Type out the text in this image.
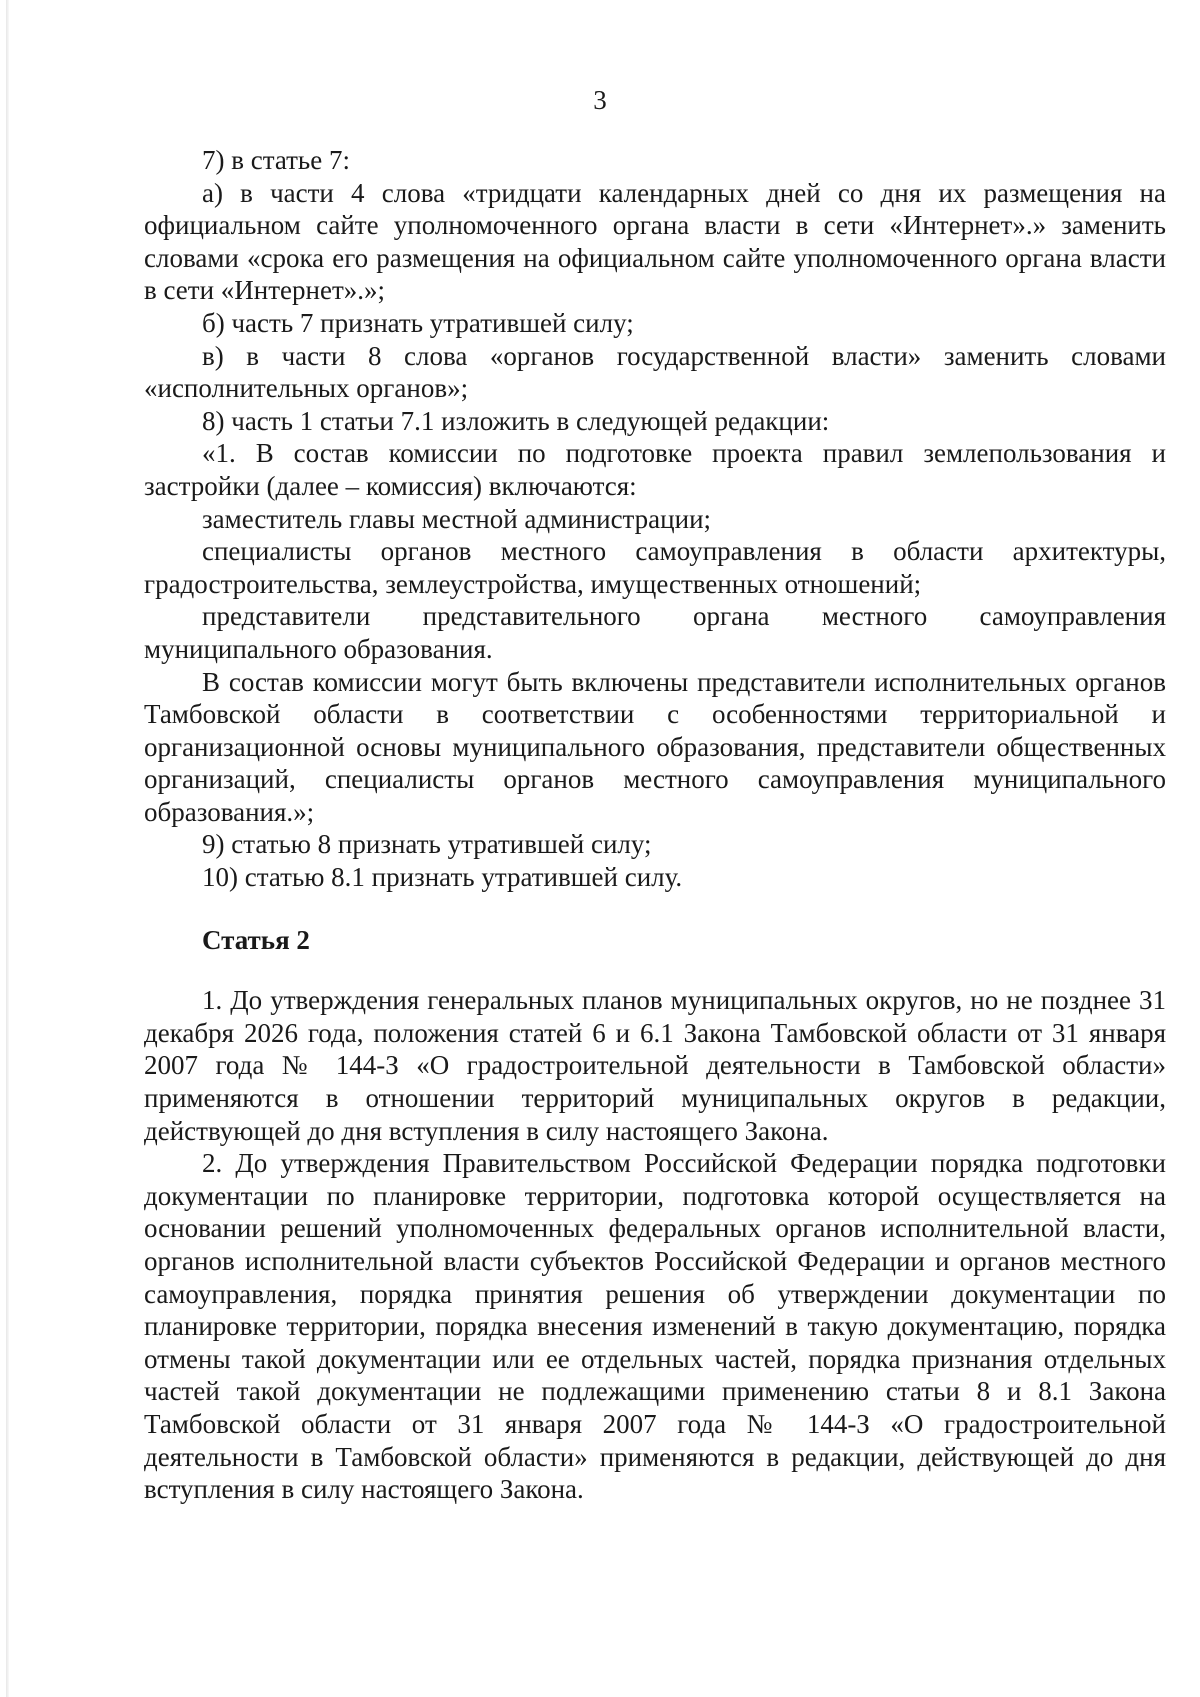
3

7) в статье 7:

а) в части 4 слова «тридцати календарных дней со дня их размещения на официальном сайте уполномоченного органа власти в сети «Интернет».» заменить словами «срока его размещения на официальном сайте уполномоченного органа власти в сети «Интернет».»;

б) часть 7 признать утратившей силу;

в) в части 8 слова «органов государственной власти» заменить словами «исполнительных органов»;

8) часть 1 статьи 7.1 изложить в следующей редакции:

«1. В состав комиссии по подготовке проекта правил землепользования и застройки (далее – комиссия) включаются:

заместитель главы местной администрации;

специалисты органов местного самоуправления в области архитектуры, градостроительства, землеустройства, имущественных отношений;

представители представительного органа местного самоуправления муниципального образования.

В состав комиссии могут быть включены представители исполнительных органов Тамбовской области в соответствии с особенностями территориальной и организационной основы муниципального образования, представители общественных организаций, специалисты органов местного самоуправления муниципального образования.»;

9) статью 8 признать утратившей силу;

10) статью 8.1 признать утратившей силу.

Статья 2

1. До утверждения генеральных планов муниципальных округов, но не позднее 31 декабря 2026 года, положения статей 6 и 6.1 Закона Тамбовской области от 31 января 2007 года № 144-З «О градостроительной деятельности в Тамбовской области» применяются в отношении территорий муниципальных округов в редакции, действующей до дня вступления в силу настоящего Закона.

2. До утверждения Правительством Российской Федерации порядка подготовки документации по планировке территории, подготовка которой осуществляется на основании решений уполномоченных федеральных органов исполнительной власти, органов исполнительной власти субъектов Российской Федерации и органов местного самоуправления, порядка принятия решения об утверждении документации по планировке территории, порядка внесения изменений в такую документацию, порядка отмены такой документации или ее отдельных частей, порядка признания отдельных частей такой документации не подлежащими применению статьи 8 и 8.1 Закона Тамбовской области от 31 января 2007 года № 144-З «О градостроительной деятельности в Тамбовской области» применяются в редакции, действующей до дня вступления в силу настоящего Закона.
